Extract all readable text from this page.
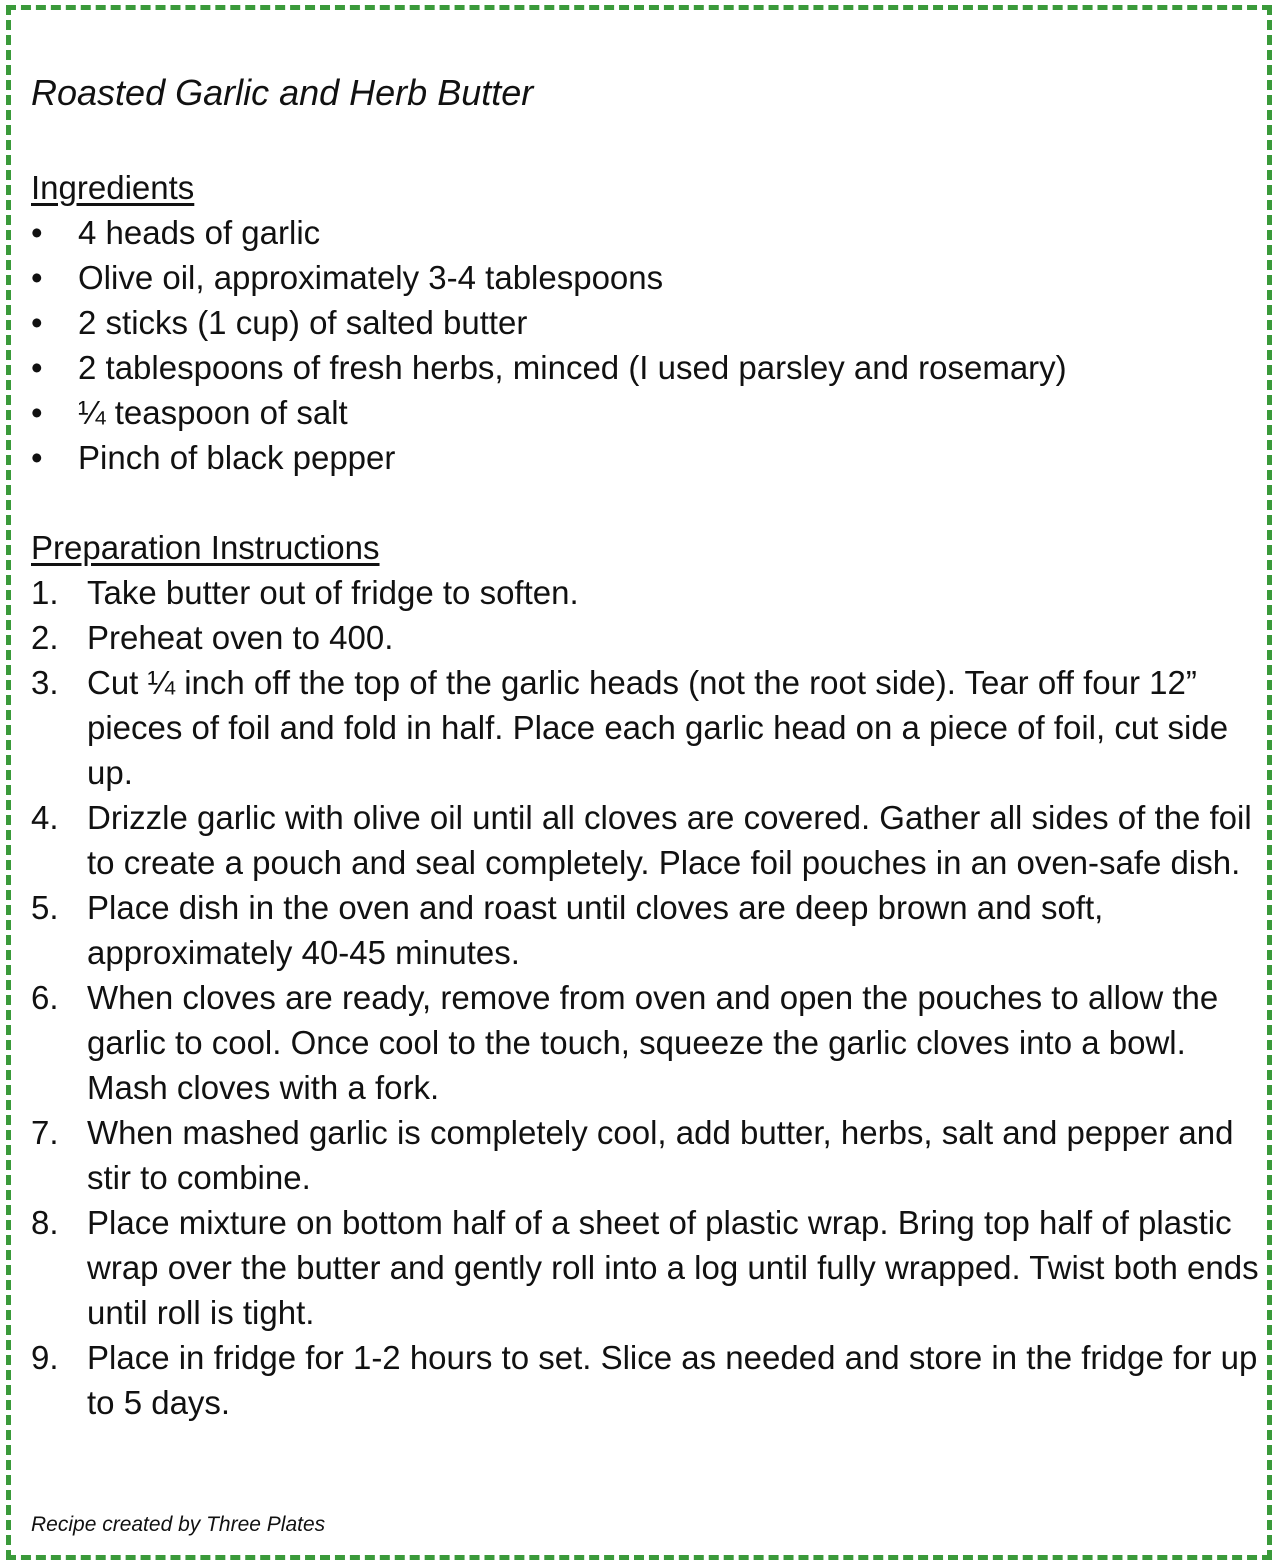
Roasted Garlic and Herb Butter
Ingredients
• 4 heads of garlic
• Olive oil, approximately 3-4 tablespoons
• 2 sticks (1 cup) of salted butter
• 2 tablespoons of fresh herbs, minced (I used parsley and rosemary)
• ¼ teaspoon of salt
• Pinch of black pepper
Preparation Instructions
1. Take butter out of fridge to soften.
2. Preheat oven to 400.
3. Cut ¼ inch off the top of the garlic heads (not the root side). Tear off four 12” pieces of foil and fold in half. Place each garlic head on a piece of foil, cut side up.
4. Drizzle garlic with olive oil until all cloves are covered. Gather all sides of the foil to create a pouch and seal completely. Place foil pouches in an oven-safe dish.
5. Place dish in the oven and roast until cloves are deep brown and soft, approximately 40-45 minutes.
6. When cloves are ready, remove from oven and open the pouches to allow the garlic to cool. Once cool to the touch, squeeze the garlic cloves into a bowl. Mash cloves with a fork.
7. When mashed garlic is completely cool, add butter, herbs, salt and pepper and stir to combine.
8. Place mixture on bottom half of a sheet of plastic wrap. Bring top half of plastic wrap over the butter and gently roll into a log until fully wrapped. Twist both ends until roll is tight.
9. Place in fridge for 1-2 hours to set. Slice as needed and store in the fridge for up to 5 days.
Recipe created by Three Plates
